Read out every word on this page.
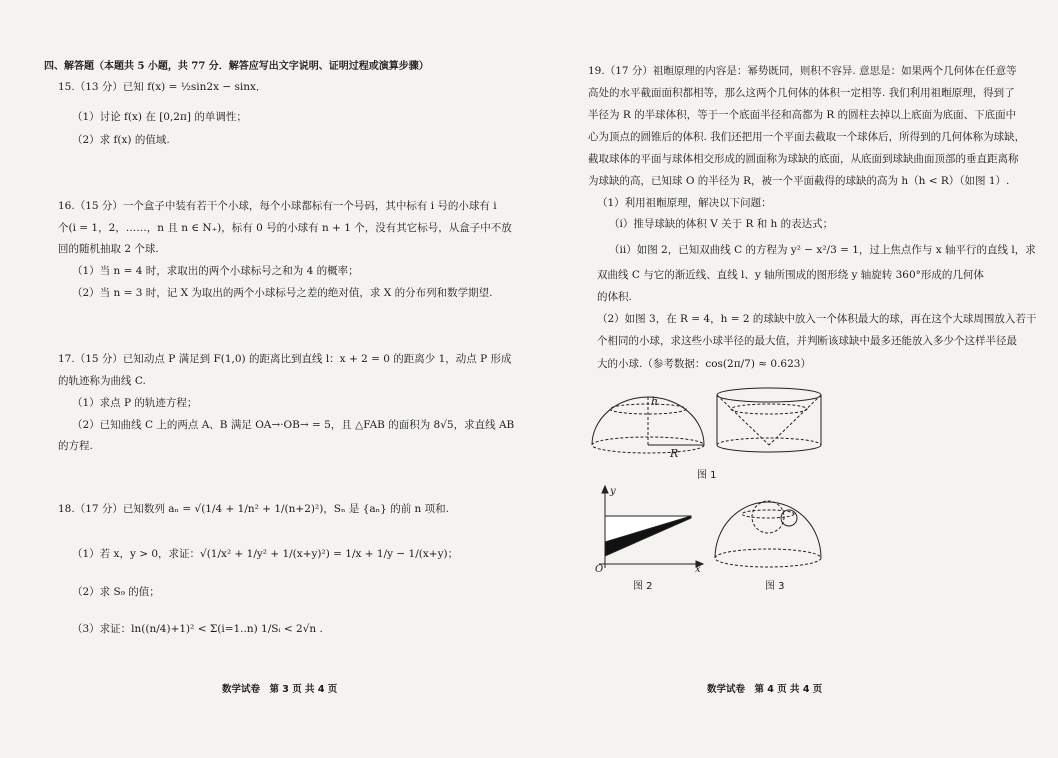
四、解答题（本题共 5 小题，共 77 分．解答应写出文字说明、证明过程或演算步骤）
15.（13 分）已知 f(x) = ½sin2x − sinx．
（1）讨论 f(x) 在 [0,2π] 的单调性；
（2）求 f(x) 的值域.
16.（15 分）一个盒子中装有若干个小球，每个小球都标有一个号码，其中标有 i 号的小球有 i
个(i = 1，2，……，n 且 n ∈ N₊)，标有 0 号的小球有 n + 1 个，没有其它标号，从盒子中不放
回的随机抽取 2 个球.
（1）当 n = 4 时，求取出的两个小球标号之和为 4 的概率；
（2）当 n = 3 时，记 X 为取出的两个小球标号之差的绝对值，求 X 的分布列和数学期望.
17.（15 分）已知动点 P 满足到 F(1,0) 的距离比到直线 l：x + 2 = 0 的距离少 1，动点 P 形成
的轨迹称为曲线 C.
（1）求点 P 的轨迹方程；
（2）已知曲线 C 上的两点 A、B 满足 OA→·OB→ = 5，且 △FAB 的面积为 8√5，求直线 AB
的方程.
18.（17 分）已知数列 aₙ = √(1/4 + 1/n² + 1/(n+2)²)，Sₙ 是 {aₙ} 的前 n 项和.
（1）若 x，y > 0，求证：√(1/x² + 1/y² + 1/(x+y)²) = 1/x + 1/y − 1/(x+y)；
（2）求 S₉ 的值；
（3）求证：ln((n/4)+1)² < Σ(i=1..n) 1/Sᵢ < 2√n .
数学试卷　第 3 页 共 4 页
19.（17 分）祖暅原理的内容是：幂势既同，则积不容异. 意思是：如果两个几何体在任意等
高处的水平截面面积都相等，那么这两个几何体的体积一定相等. 我们利用祖暅原理，得到了
半径为 R 的半球体积，等于一个底面半径和高都为 R 的圆柱去掉以上底面为底面、下底面中
心为顶点的圆锥后的体积. 我们还把用一个平面去截取一个球体后，所得到的几何体称为球缺，
截取球体的平面与球体相交形成的圆面称为球缺的底面，从底面到球缺曲面顶部的垂直距离称
为球缺的高，已知球 O 的半径为 R，被一个平面截得的球缺的高为 h（h < R）（如图 1）.
（1）利用祖暅原理，解决以下问题：
（i）推导球缺的体积 V 关于 R 和 h 的表达式；
（ii）如图 2，已知双曲线 C 的方程为 y² − x²/3 = 1，过上焦点作与 x 轴平行的直线 l，求
双曲线 C 与它的渐近线、直线 l、y 轴所围成的图形绕 y 轴旋转 360°形成的几何体
的体积.
（2）如图 3，在 R = 4，h = 2 的球缺中放入一个体积最大的球，再在这个大球周围放入若干
个相同的小球，求这些小球半径的最大值，并判断该球缺中最多还能放入多少个这样半径最
大的小球.（参考数据：cos(2π/7) ≈ 0.623）
h
R
图 1
y
x
O
图 2	图 3
数学试卷　第 4 页 共 4 页
